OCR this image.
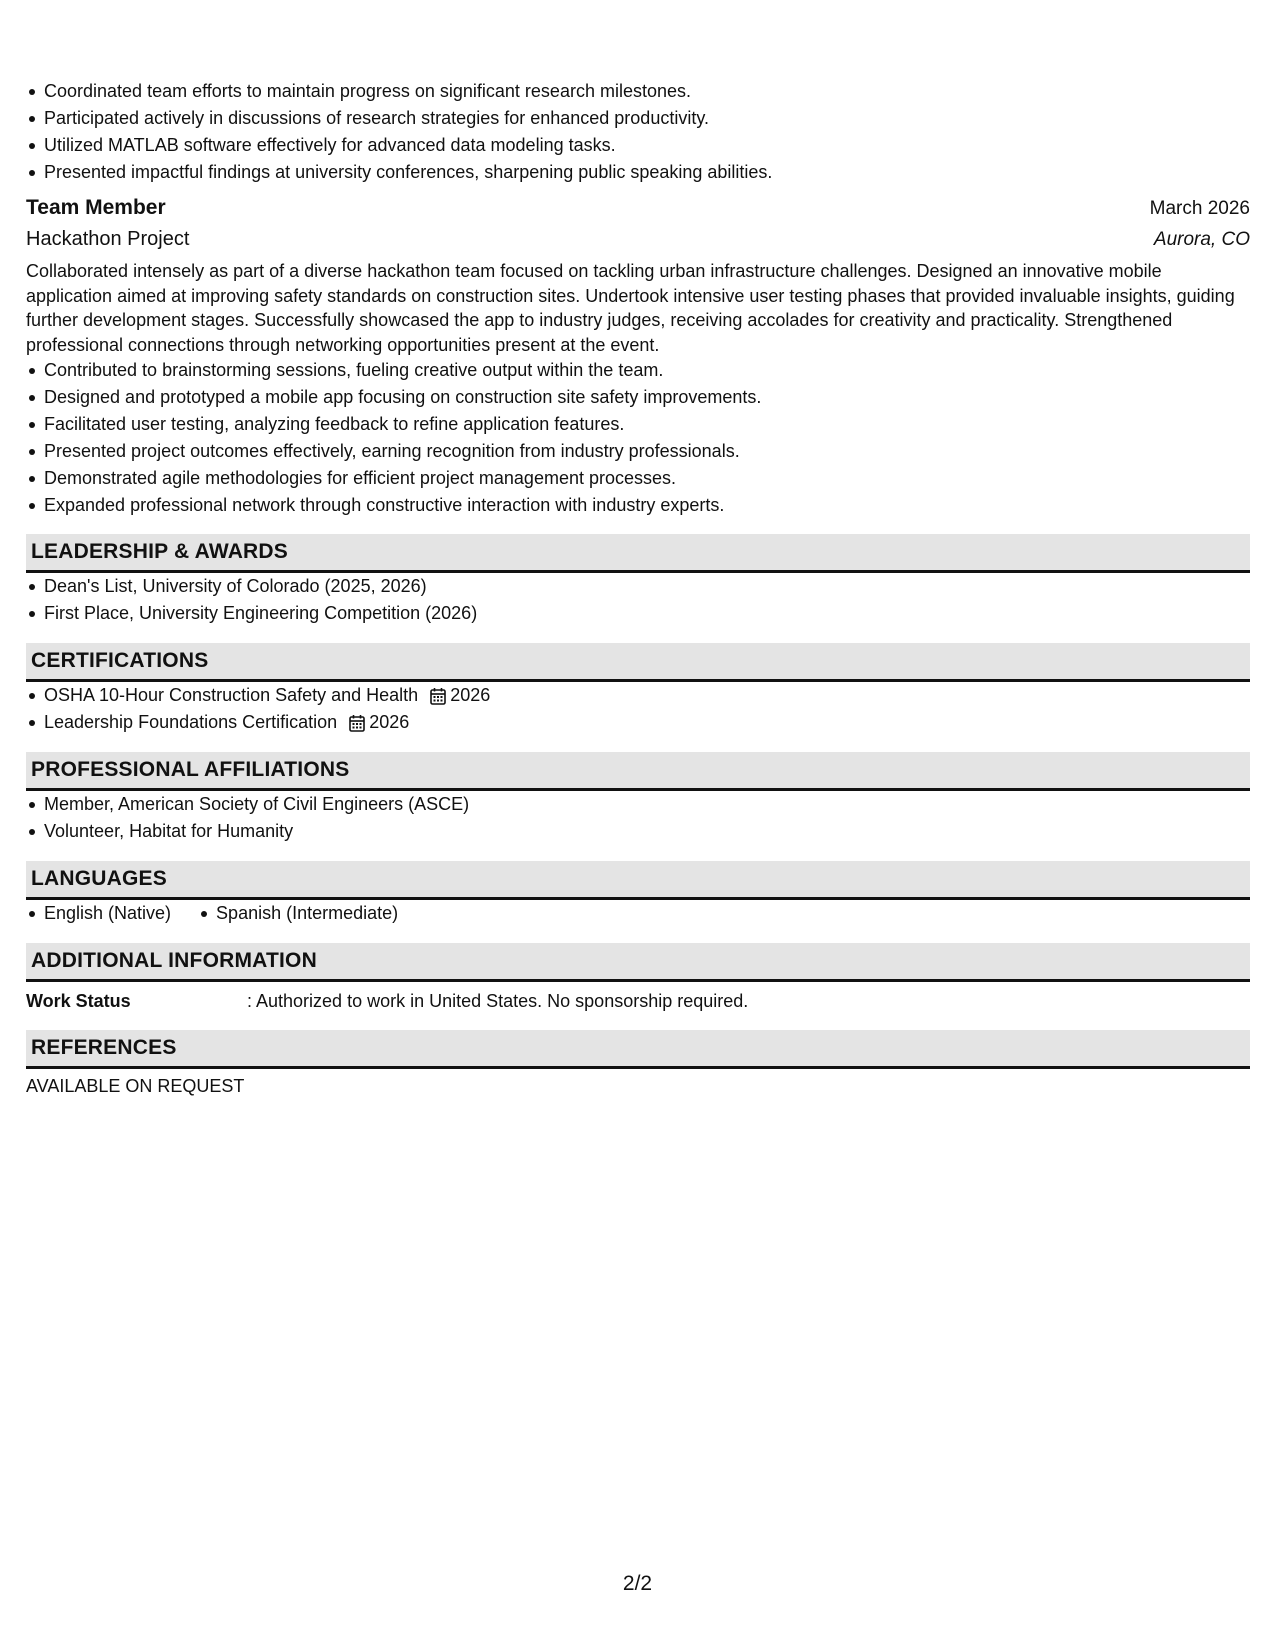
Coordinated team efforts to maintain progress on significant research milestones.
Participated actively in discussions of research strategies for enhanced productivity.
Utilized MATLAB software effectively for advanced data modeling tasks.
Presented impactful findings at university conferences, sharpening public speaking abilities.
Team Member	March 2026
Hackathon Project	Aurora, CO
Collaborated intensely as part of a diverse hackathon team focused on tackling urban infrastructure challenges. Designed an innovative mobile application aimed at improving safety standards on construction sites. Undertook intensive user testing phases that provided invaluable insights, guiding further development stages. Successfully showcased the app to industry judges, receiving accolades for creativity and practicality. Strengthened professional connections through networking opportunities present at the event.
Contributed to brainstorming sessions, fueling creative output within the team.
Designed and prototyped a mobile app focusing on construction site safety improvements.
Facilitated user testing, analyzing feedback to refine application features.
Presented project outcomes effectively, earning recognition from industry professionals.
Demonstrated agile methodologies for efficient project management processes.
Expanded professional network through constructive interaction with industry experts.
LEADERSHIP & AWARDS
Dean's List, University of Colorado (2025, 2026)
First Place, University Engineering Competition (2026)
CERTIFICATIONS
OSHA 10-Hour Construction Safety and Health 2026
Leadership Foundations Certification 2026
PROFESSIONAL AFFILIATIONS
Member, American Society of Civil Engineers (ASCE)
Volunteer, Habitat for Humanity
LANGUAGES
English (Native)	Spanish (Intermediate)
ADDITIONAL INFORMATION
Work Status	: Authorized to work in United States. No sponsorship required.
REFERENCES
AVAILABLE ON REQUEST
2/2
